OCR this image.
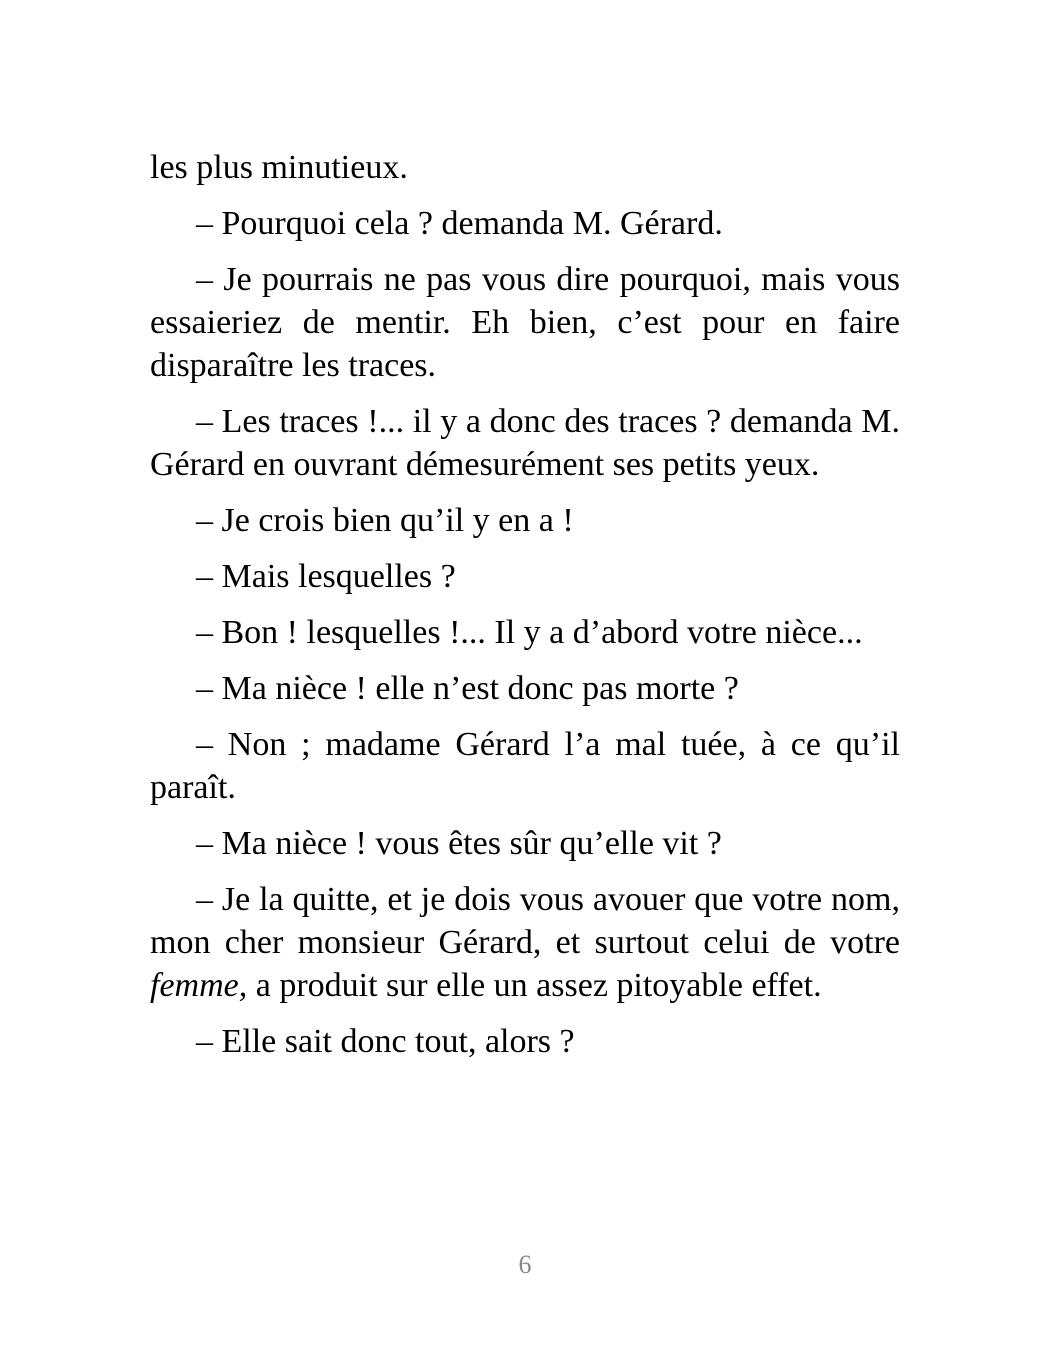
les plus minutieux.

– Pourquoi cela ? demanda M. Gérard.

– Je pourrais ne pas vous dire pourquoi, mais vous essaieriez de mentir. Eh bien, c’est pour en faire disparaître les traces.

– Les traces !... il y a donc des traces ? demanda M. Gérard en ouvrant démesurément ses petits yeux.

– Je crois bien qu’il y en a !

– Mais lesquelles ?

– Bon ! lesquelles !... Il y a d’abord votre nièce...

– Ma nièce ! elle n’est donc pas morte ?

– Non ; madame Gérard l’a mal tuée, à ce qu’il paraît.

– Ma nièce ! vous êtes sûr qu’elle vit ?

– Je la quitte, et je dois vous avouer que votre nom, mon cher monsieur Gérard, et surtout celui de votre femme, a produit sur elle un assez pitoyable effet.

– Elle sait donc tout, alors ?

6
